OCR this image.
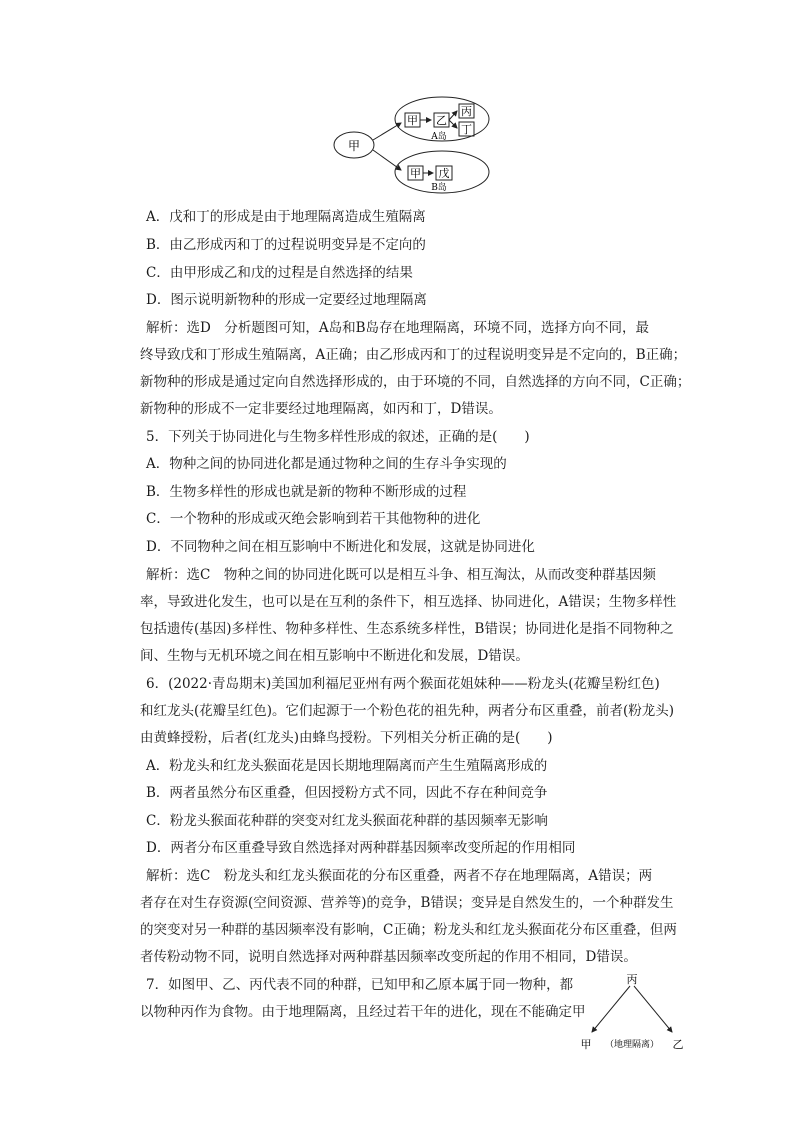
甲
甲 乙
丙
丁
A岛
甲 戊
B岛
A．戊和丁的形成是由于地理隔离造成生殖隔离
B．由乙形成丙和丁的过程说明变异是不定向的
C．由甲形成乙和戊的过程是自然选择的结果
D．图示说明新物种的形成一定要经过地理隔离
解析：选D　分析题图可知，A岛和B岛存在地理隔离，环境不同，选择方向不同，最
终导致戊和丁形成生殖隔离，A正确；由乙形成丙和丁的过程说明变异是不定向的，B正确；
新物种的形成是通过定向自然选择形成的，由于环境的不同，自然选择的方向不同，C正确；
新物种的形成不一定非要经过地理隔离，如丙和丁，D错误。
5．下列关于协同进化与生物多样性形成的叙述，正确的是(　　)
A．物种之间的协同进化都是通过物种之间的生存斗争实现的
B．生物多样性的形成也就是新的物种不断形成的过程
C．一个物种的形成或灭绝会影响到若干其他物种的进化
D．不同物种之间在相互影响中不断进化和发展，这就是协同进化
解析：选C　物种之间的协同进化既可以是相互斗争、相互淘汰，从而改变种群基因频
率，导致进化发生，也可以是在互利的条件下，相互选择、协同进化，A错误；生物多样性
包括遗传(基因)多样性、物种多样性、生态系统多样性，B错误；协同进化是指不同物种之
间、生物与无机环境之间在相互影响中不断进化和发展，D错误。
6．(2022·青岛期末)美国加利福尼亚州有两个猴面花姐妹种——粉龙头(花瓣呈粉红色)
和红龙头(花瓣呈红色)。它们起源于一个粉色花的祖先种，两者分布区重叠，前者(粉龙头)
由黄蜂授粉，后者(红龙头)由蜂鸟授粉。下列相关分析正确的是(　　)
A．粉龙头和红龙头猴面花是因长期地理隔离而产生生殖隔离形成的
B．两者虽然分布区重叠，但因授粉方式不同，因此不存在种间竞争
C．粉龙头猴面花种群的突变对红龙头猴面花种群的基因频率无影响
D．两者分布区重叠导致自然选择对两种群基因频率改变所起的作用相同
解析：选C　粉龙头和红龙头猴面花的分布区重叠，两者不存在地理隔离，A错误；两
者存在对生存资源(空间资源、营养等)的竞争，B错误；变异是自然发生的，一个种群发生
的突变对另一种群的基因频率没有影响，C正确；粉龙头和红龙头猴面花分布区重叠，但两
者传粉动物不同，说明自然选择对两种群基因频率改变所起的作用不相同，D错误。
7．如图甲、乙、丙代表不同的种群，已知甲和乙原本属于同一物种，都
以物种丙作为食物。由于地理隔离，且经过若干年的进化，现在不能确定甲
丙
甲 （地理隔离） 乙
